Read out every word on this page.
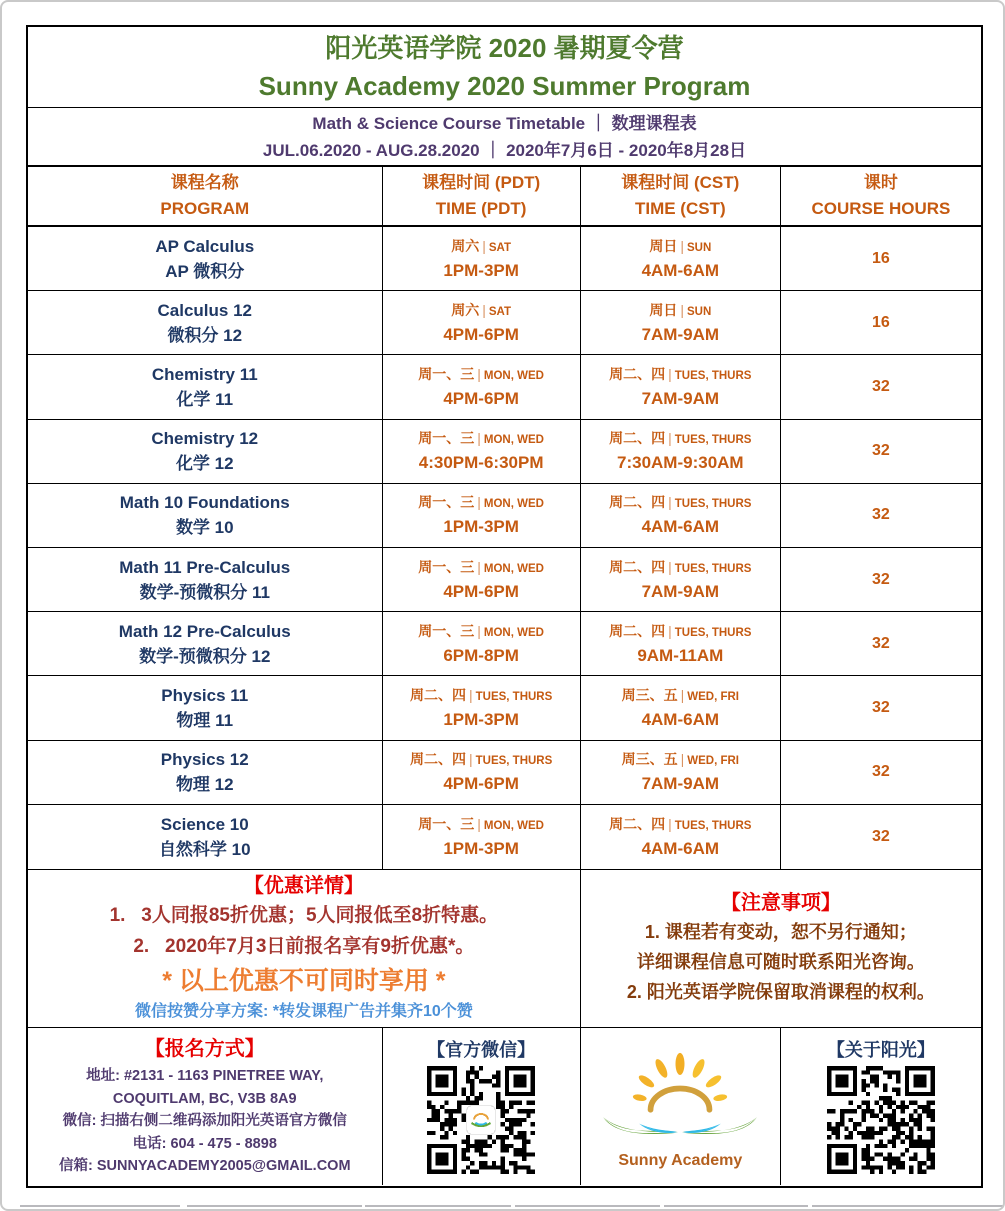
阳光英语学院 2020 暑期夏令营
Sunny Academy 2020 Summer Program
Math & Science Course Timetable ｜ 数理课程表
JUL.06.2020 - AUG.28.2020 ｜ 2020年7月6日 - 2020年8月28日
课程名称
PROGRAM
课程时间 (PDT)
TIME (PDT)
课程时间 (CST)
TIME (CST)
课时
COURSE HOURS
AP Calculus
AP 微积分
周六 | SAT
1PM-3PM
周日 | SUN
4AM-6AM
16
Calculus 12
微积分 12
周六 | SAT
4PM-6PM
周日 | SUN
7AM-9AM
16
Chemistry 11
化学 11
周一、三 | MON, WED
4PM-6PM
周二、四 | TUES, THURS
7AM-9AM
32
Chemistry 12
化学 12
周一、三 | MON, WED
4:30PM-6:30PM
周二、四 | TUES, THURS
7:30AM-9:30AM
32
Math 10 Foundations
数学 10
周一、三 | MON, WED
1PM-3PM
周二、四 | TUES, THURS
4AM-6AM
32
Math 11 Pre-Calculus
数学-预微积分 11
周一、三 | MON, WED
4PM-6PM
周二、四 | TUES, THURS
7AM-9AM
32
Math 12 Pre-Calculus
数学-预微积分 12
周一、三 | MON, WED
6PM-8PM
周二、四 | TUES, THURS
9AM-11AM
32
Physics 11
物理 11
周二、四 | TUES, THURS
1PM-3PM
周三、五 | WED, FRI
4AM-6AM
32
Physics 12
物理 12
周二、四 | TUES, THURS
4PM-6PM
周三、五 | WED, FRI
7AM-9AM
32
Science 10
自然科学 10
周一、三 | MON, WED
1PM-3PM
周二、四 | TUES, THURS
4AM-6AM
32
【优惠详情】
1.   3人同报85折优惠；5人同报低至8折特惠。
2.   2020年7月3日前报名享有9折优惠*。
* 以上优惠不可同时享用 *
微信按赞分享方案: *转发课程广告并集齐10个赞
【注意事项】
1. 课程若有变动，恕不另行通知；
详细课程信息可随时联系阳光咨询。
2. 阳光英语学院保留取消课程的权利。
【报名方式】
地址: #2131 - 1163 PINETREE WAY,
COQUITLAM, BC, V3B 8A9
微信: 扫描右侧二维码添加阳光英语官方微信
电话: 604 - 475 - 8898
信箱: SUNNYACADEMY2005@GMAIL.COM
【官方微信】
Sunny Academy
【关于阳光】
